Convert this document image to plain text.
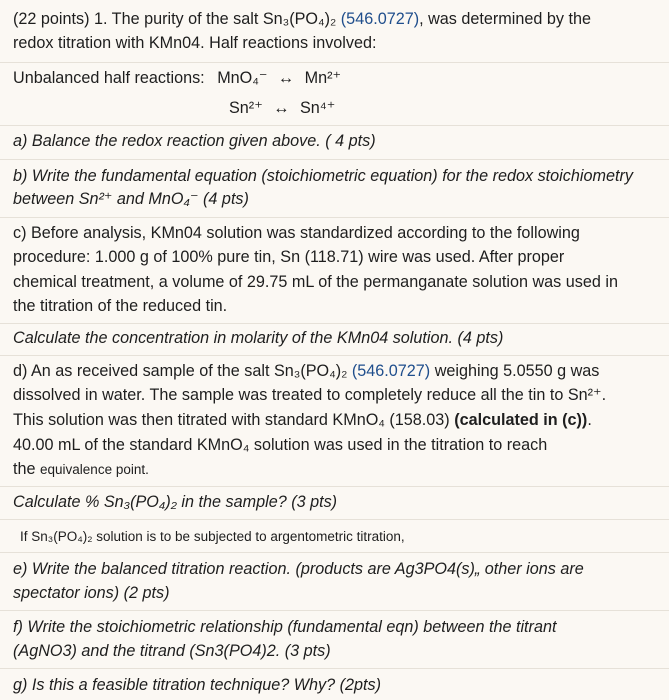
(22 points) 1. The purity of the salt Sn₃(PO₄)₂ (546.0727), was determined by the
redox titration with KMn04. Half reactions involved:
Unbalanced half reactions: MnO₄⁻ ↔ Mn²⁺
Sn²⁺ ↔ Sn⁴⁺
a) Balance the redox reaction given above. ( 4 pts)
b) Write the fundamental equation (stoichiometric equation) for the redox stoichiometry
between Sn²⁺ and MnO₄⁻ (4 pts)
c) Before analysis, KMn04 solution was standardized according to the following
procedure: 1.000 g of 100% pure tin, Sn (118.71) wire was used. After proper
chemical treatment, a volume of 29.75 mL of the permanganate solution was used in
the titration of the reduced tin.
Calculate the concentration in molarity of the KMn04 solution. (4 pts)
d) An as received sample of the salt Sn₃(PO₄)₂ (546.0727) weighing 5.0550 g was
dissolved in water. The sample was treated to completely reduce all the tin to Sn²⁺.
This solution was then titrated with standard KMnO₄ (158.03) (calculated in (c)).
40.00 mL of the standard KMnO₄ solution was used in the titration to reach
the equivalence point.
Calculate % Sn₃(PO₄)₂ in the sample? (3 pts)
If Sn₃(PO₄)₂ solution is to be subjected to argentometric titration,
e) Write the balanced titration reaction. (products are Ag3PO4(s)„ other ions are
spectator ions) (2 pts)
f) Write the stoichiometric relationship (fundamental eqn) between the titrant
(AgNO3) and the titrand (Sn3(PO4)2. (3 pts)
g) Is this a feasible titration technique? Why? (2pts)
